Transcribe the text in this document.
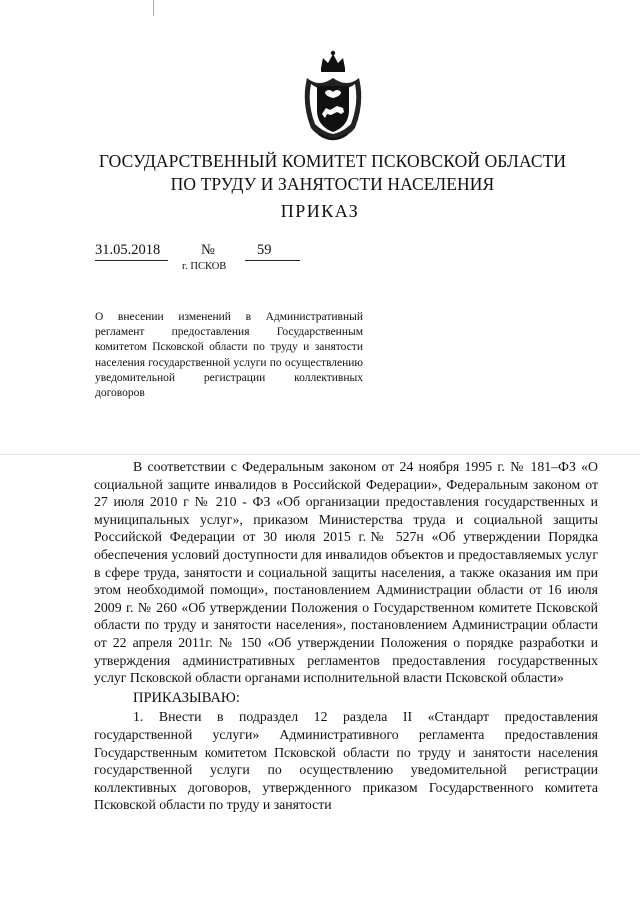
ГОСУДАРСТВЕННЫЙ КОМИТЕТ ПСКОВСКОЙ ОБЛАСТИ
ПО ТРУДУ И ЗАНЯТОСТИ НАСЕЛЕНИЯ
ПРИКАЗ
31.05.2018	№	59
г. ПСКОВ
О внесении изменений в Административный регламент предоставления Государственным комитетом Псковской области по труду и занятости населения государственной услуги по осуществлению уведомительной регистрации коллективных договоров

В соответствии с Федеральным законом от 24 ноября 1995 г. № 181–ФЗ «О социальной защите инвалидов в Российской Федерации», Федеральным законом от 27 июля 2010 г № 210 - ФЗ «Об организации предоставления государственных и муниципальных услуг», приказом Министерства труда и социальной защиты Российской Федерации от 30 июля 2015 г.№ 527н «Об утверждении Порядка обеспечения условий доступности для инвалидов объектов и предоставляемых услуг в сфере труда, занятости и социальной защиты населения, а также оказания им при этом необходимой помощи», постановлением Администрации области от 16 июля 2009 г. № 260 «Об утверждении Положения о Государственном комитете Псковской области по труду и занятости населения», постановлением Администрации области от 22 апреля 2011г. № 150 «Об утверждении Положения о порядке разработки и утверждения административных регламентов предоставления государственных услуг Псковской области органами исполнительной власти Псковской области»

ПРИКАЗЫВАЮ:

1. Внести в подраздел 12 раздела II «Стандарт предоставления государственной услуги» Административного регламента предоставления Государственным комитетом Псковской области по труду и занятости населения государственной услуги по осуществлению уведомительной регистрации коллективных договоров, утвержденного приказом Государственного комитета Псковской области по труду и занятости
